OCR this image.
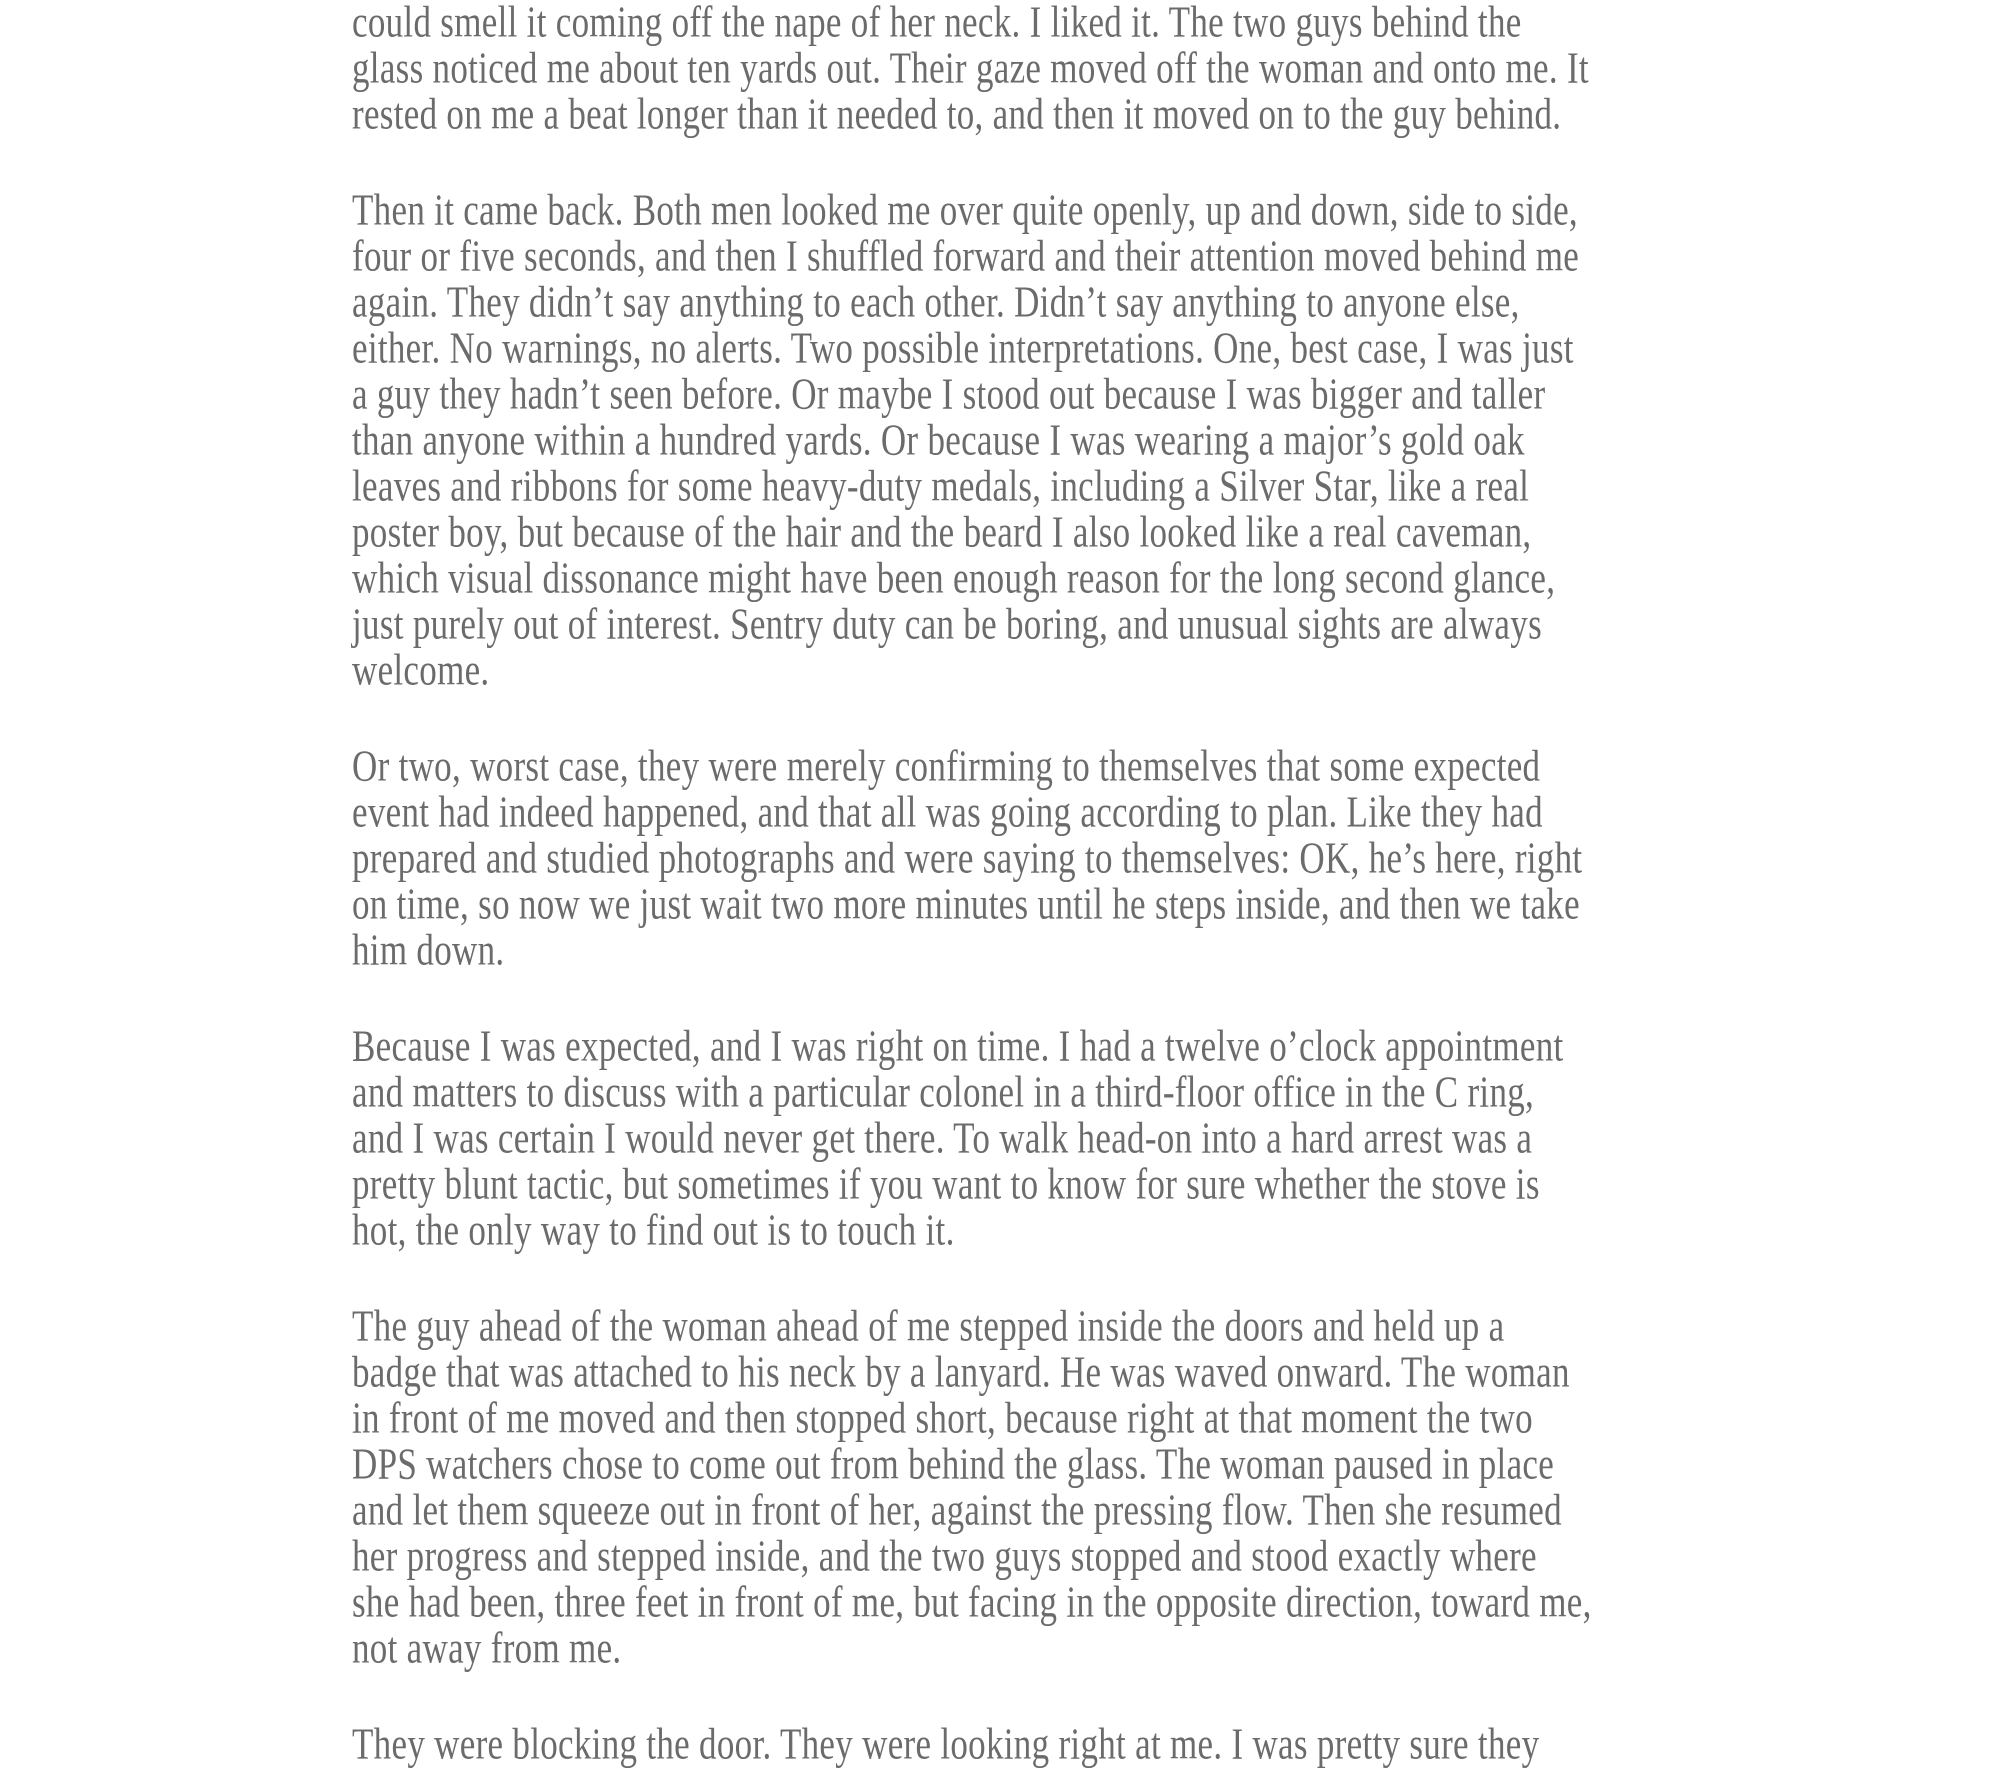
could smell it coming off the nape of her neck. I liked it. The two guys behind the
glass noticed me about ten yards out. Their gaze moved off the woman and onto me. It
rested on me a beat longer than it needed to, and then it moved on to the guy behind.
Then it came back. Both men looked me over quite openly, up and down, side to side,
four or five seconds, and then I shuffled forward and their attention moved behind me
again. They didn’t say anything to each other. Didn’t say anything to anyone else,
either. No warnings, no alerts. Two possible interpretations. One, best case, I was just
a guy they hadn’t seen before. Or maybe I stood out because I was bigger and taller
than anyone within a hundred yards. Or because I was wearing a major’s gold oak
leaves and ribbons for some heavy-duty medals, including a Silver Star, like a real
poster boy, but because of the hair and the beard I also looked like a real caveman,
which visual dissonance might have been enough reason for the long second glance,
just purely out of interest. Sentry duty can be boring, and unusual sights are always
welcome.
Or two, worst case, they were merely confirming to themselves that some expected
event had indeed happened, and that all was going according to plan. Like they had
prepared and studied photographs and were saying to themselves: OK, he’s here, right
on time, so now we just wait two more minutes until he steps inside, and then we take
him down.
Because I was expected, and I was right on time. I had a twelve o’clock appointment
and matters to discuss with a particular colonel in a third-floor office in the C ring,
and I was certain I would never get there. To walk head-on into a hard arrest was a
pretty blunt tactic, but sometimes if you want to know for sure whether the stove is
hot, the only way to find out is to touch it.
The guy ahead of the woman ahead of me stepped inside the doors and held up a
badge that was attached to his neck by a lanyard. He was waved onward. The woman
in front of me moved and then stopped short, because right at that moment the two
DPS watchers chose to come out from behind the glass. The woman paused in place
and let them squeeze out in front of her, against the pressing flow. Then she resumed
her progress and stepped inside, and the two guys stopped and stood exactly where
she had been, three feet in front of me, but facing in the opposite direction, toward me,
not away from me.
They were blocking the door. They were looking right at me. I was pretty sure they
